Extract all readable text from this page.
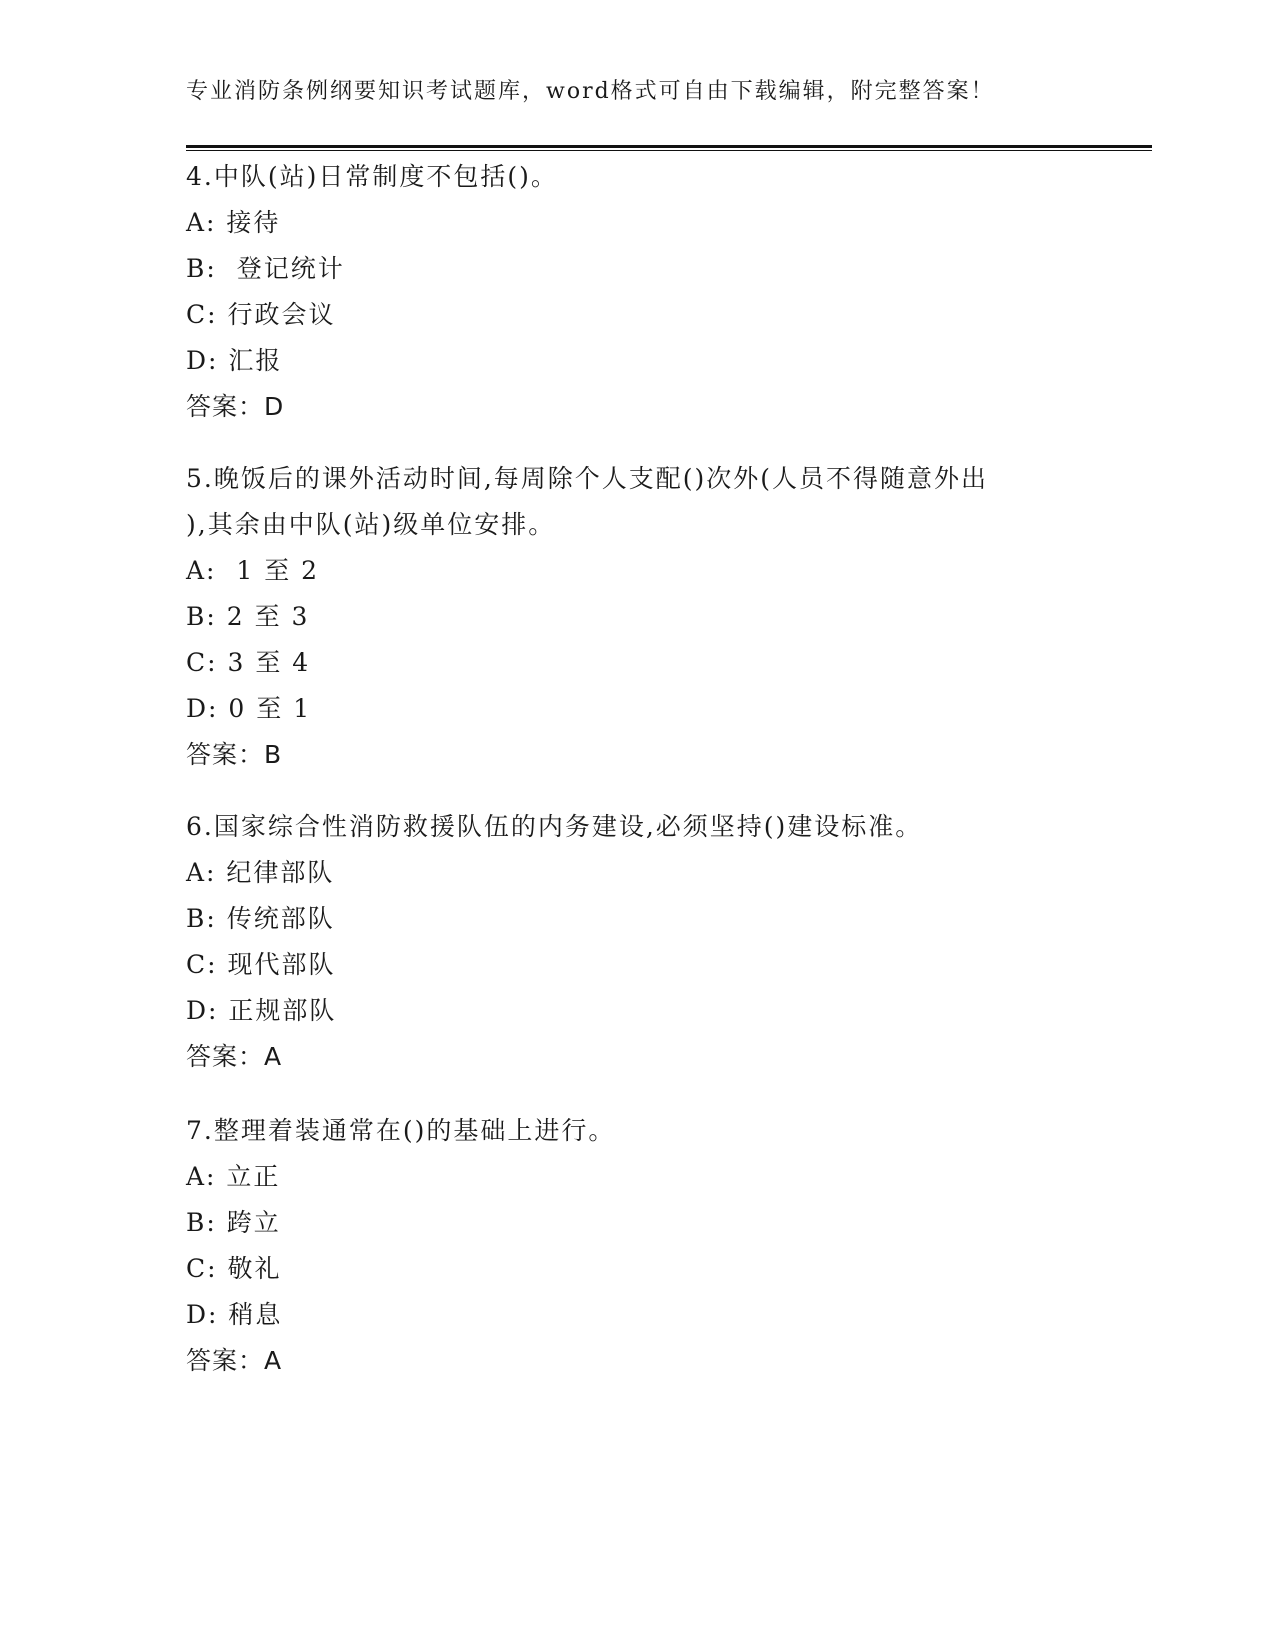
专业消防条例纲要知识考试题库，word格式可自由下载编辑，附完整答案！

4.中队(站)日常制度不包括()。

A: 接待

B:  登记统计

C: 行政会议

D: 汇报

答案：D

5.晚饭后的课外活动时间,每周除个人支配()次外(人员不得随意外出

),其余由中队(站)级单位安排。

A:  1 至 2

B: 2 至 3

C: 3 至 4

D: 0 至 1

答案：B

6.国家综合性消防救援队伍的内务建设,必须坚持()建设标准。

A: 纪律部队

B: 传统部队

C: 现代部队

D: 正规部队

答案：A

7.整理着装通常在()的基础上进行。

A: 立正

B: 跨立

C: 敬礼

D: 稍息

答案：A
